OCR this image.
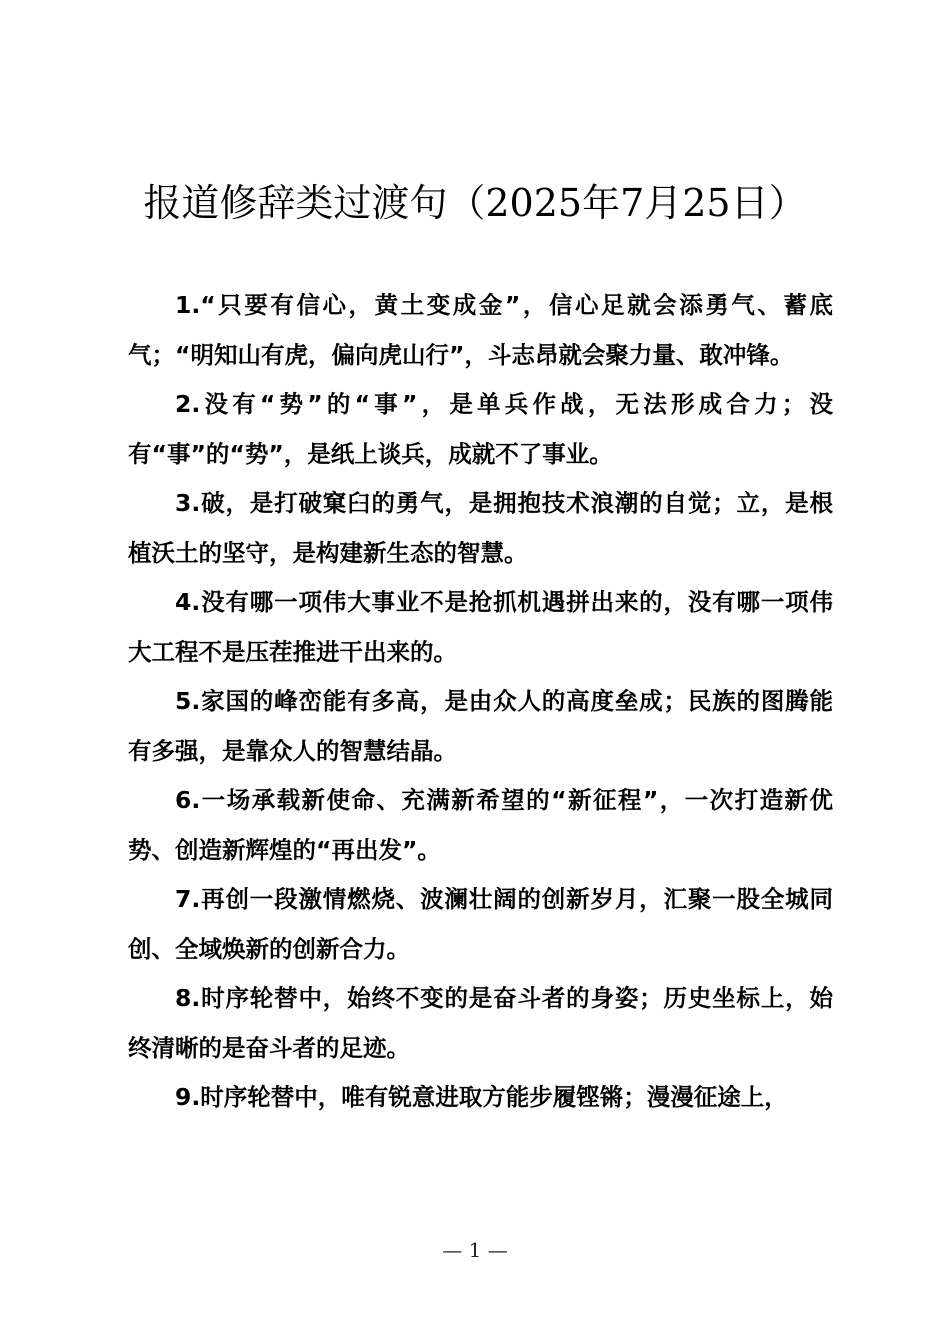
报道修辞类过渡句（2025年7月25日）

1.“只要有信心，黄土变成金”，信心足就会添勇气、蓄底气；“明知山有虎，偏向虎山行”，斗志昂就会聚力量、敢冲锋。

2.没有“势”的“事”，是单兵作战，无法形成合力；没有“事”的“势”，是纸上谈兵，成就不了事业。

3.破，是打破窠臼的勇气，是拥抱技术浪潮的自觉；立，是根植沃土的坚守，是构建新生态的智慧。

4.没有哪一项伟大事业不是抢抓机遇拼出来的，没有哪一项伟大工程不是压茬推进干出来的。

5.家国的峰峦能有多高，是由众人的高度垒成；民族的图腾能有多强，是靠众人的智慧结晶。

6.一场承载新使命、充满新希望的“新征程”，一次打造新优势、创造新辉煌的“再出发”。

7.再创一段激情燃烧、波澜壮阔的创新岁月，汇聚一股全城同创、全域焕新的创新合力。

8.时序轮替中，始终不变的是奋斗者的身姿；历史坐标上，始终清晰的是奋斗者的足迹。

9.时序轮替中，唯有锐意进取方能步履铿锵；漫漫征途上，

— 1 —
